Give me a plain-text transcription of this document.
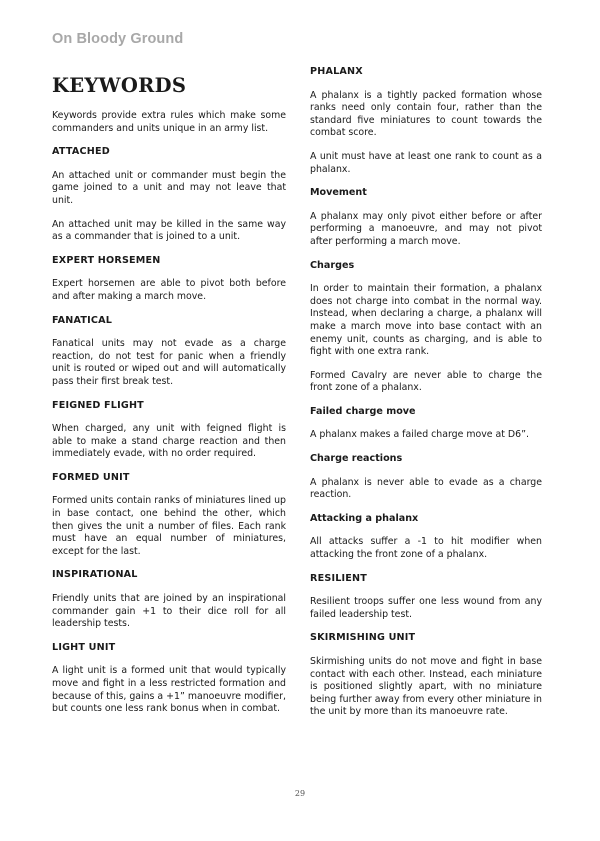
On Bloody Ground
KEYWORDS

Keywords provide extra rules which make some commanders and units unique in an army list.

ATTACHED

An attached unit or commander must begin the game joined to a unit and may not leave that unit.

An attached unit may be killed in the same way as a commander that is joined to a unit.

EXPERT HORSEMEN

Expert horsemen are able to pivot both before and after making a march move.

FANATICAL

Fanatical units may not evade as a charge reaction, do not test for panic when a friendly unit is routed or wiped out and will automatically pass their first break test.

FEIGNED FLIGHT

When charged, any unit with feigned flight is able to make a stand charge reaction and then immediately evade, with no order required.

FORMED UNIT

Formed units contain ranks of miniatures lined up in base contact, one behind the other, which then gives the unit a number of files. Each rank must have an equal number of miniatures, except for the last.

INSPIRATIONAL

Friendly units that are joined by an inspirational commander gain +1 to their dice roll for all leadership tests.

LIGHT UNIT

A light unit is a formed unit that would typically move and fight in a less restricted formation and because of this, gains a +1” manoeuvre modifier, but counts one less rank bonus when in combat.

PHALANX

A phalanx is a tightly packed formation whose ranks need only contain four, rather than the standard five miniatures to count towards the combat score.

A unit must have at least one rank to count as a phalanx.

Movement

A phalanx may only pivot either before or after performing a manoeuvre, and may not pivot after performing a march move.

Charges

In order to maintain their formation, a phalanx does not charge into combat in the normal way. Instead, when declaring a charge, a phalanx will make a march move into base contact with an enemy unit, counts as charging, and is able to fight with one extra rank.

Formed Cavalry are never able to charge the front zone of a phalanx.

Failed charge move

A phalanx makes a failed charge move at D6”.

Charge reactions

A phalanx is never able to evade as a charge reaction.

Attacking a phalanx

All attacks suffer a -1 to hit modifier when attacking the front zone of a phalanx.

RESILIENT

Resilient troops suffer one less wound from any failed leadership test.

SKIRMISHING UNIT

Skirmishing units do not move and fight in base contact with each other. Instead, each miniature is positioned slightly apart, with no miniature being further away from every other miniature in the unit by more than its manoeuvre rate.

29
